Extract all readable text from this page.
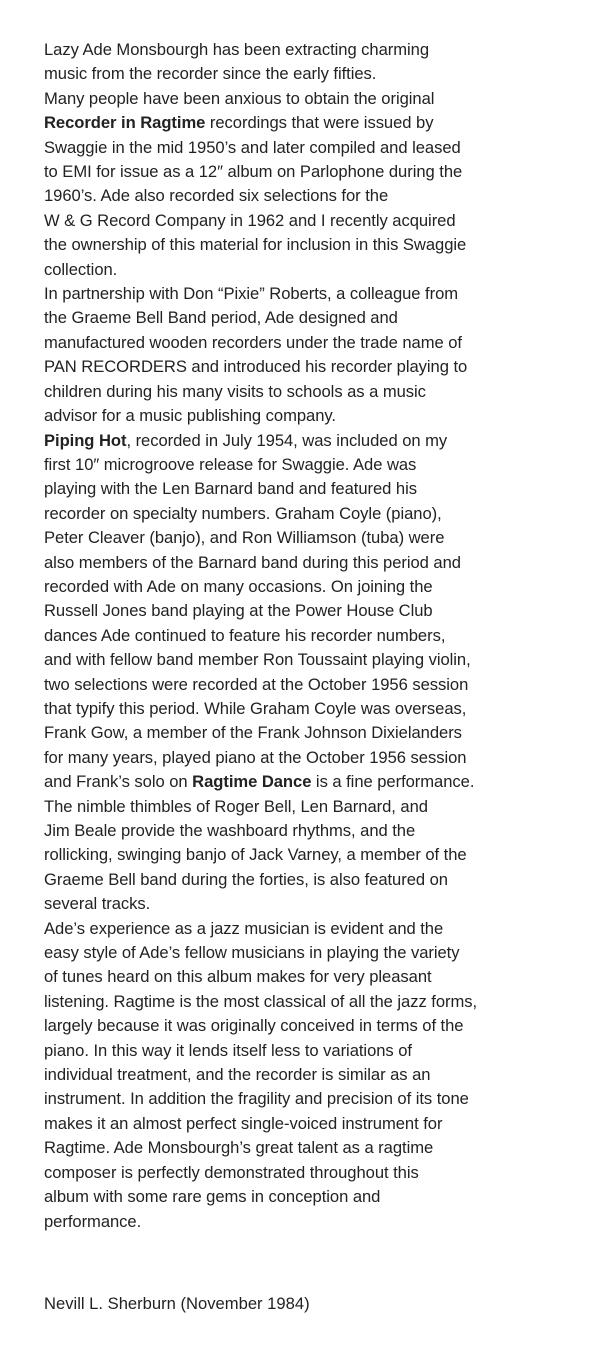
Lazy Ade Monsbourgh has been extracting charming
music from the recorder since the early fifties.
Many people have been anxious to obtain the original
Recorder in Ragtime recordings that were issued by
Swaggie in the mid 1950’s and later compiled and leased
to EMI for issue as a 12″ album on Parlophone during the
1960’s. Ade also recorded six selections for the
W & G Record Company in 1962 and I recently acquired
the ownership of this material for inclusion in this Swaggie
collection.
In partnership with Don “Pixie” Roberts, a colleague from
the Graeme Bell Band period, Ade designed and
manufactured wooden recorders under the trade name of
PAN RECORDERS and introduced his recorder playing to
children during his many visits to schools as a music
advisor for a music publishing company.
Piping Hot, recorded in July 1954, was included on my
first 10″ microgroove release for Swaggie. Ade was
playing with the Len Barnard band and featured his
recorder on specialty numbers. Graham Coyle (piano),
Peter Cleaver (banjo), and Ron Williamson (tuba) were
also members of the Barnard band during this period and
recorded with Ade on many occasions. On joining the
Russell Jones band playing at the Power House Club
dances Ade continued to feature his recorder numbers,
and with fellow band member Ron Toussaint playing violin,
two selections were recorded at the October 1956 session
that typify this period. While Graham Coyle was overseas,
Frank Gow, a member of the Frank Johnson Dixielanders
for many years, played piano at the October 1956 session
and Frank’s solo on Ragtime Dance is a fine performance.
The nimble thimbles of Roger Bell, Len Barnard, and
Jim Beale provide the washboard rhythms, and the
rollicking, swinging banjo of Jack Varney, a member of the
Graeme Bell band during the forties, is also featured on
several tracks.
Ade’s experience as a jazz musician is evident and the
easy style of Ade’s fellow musicians in playing the variety
of tunes heard on this album makes for very pleasant
listening. Ragtime is the most classical of all the jazz forms,
largely because it was originally conceived in terms of the
piano. In this way it lends itself less to variations of
individual treatment, and the recorder is similar as an
instrument. In addition the fragility and precision of its tone
makes it an almost perfect single-voiced instrument for
Ragtime. Ade Monsbourgh’s great talent as a ragtime
composer is perfectly demonstrated throughout this
album with some rare gems in conception and
performance.
Nevill L. Sherburn (November 1984)
